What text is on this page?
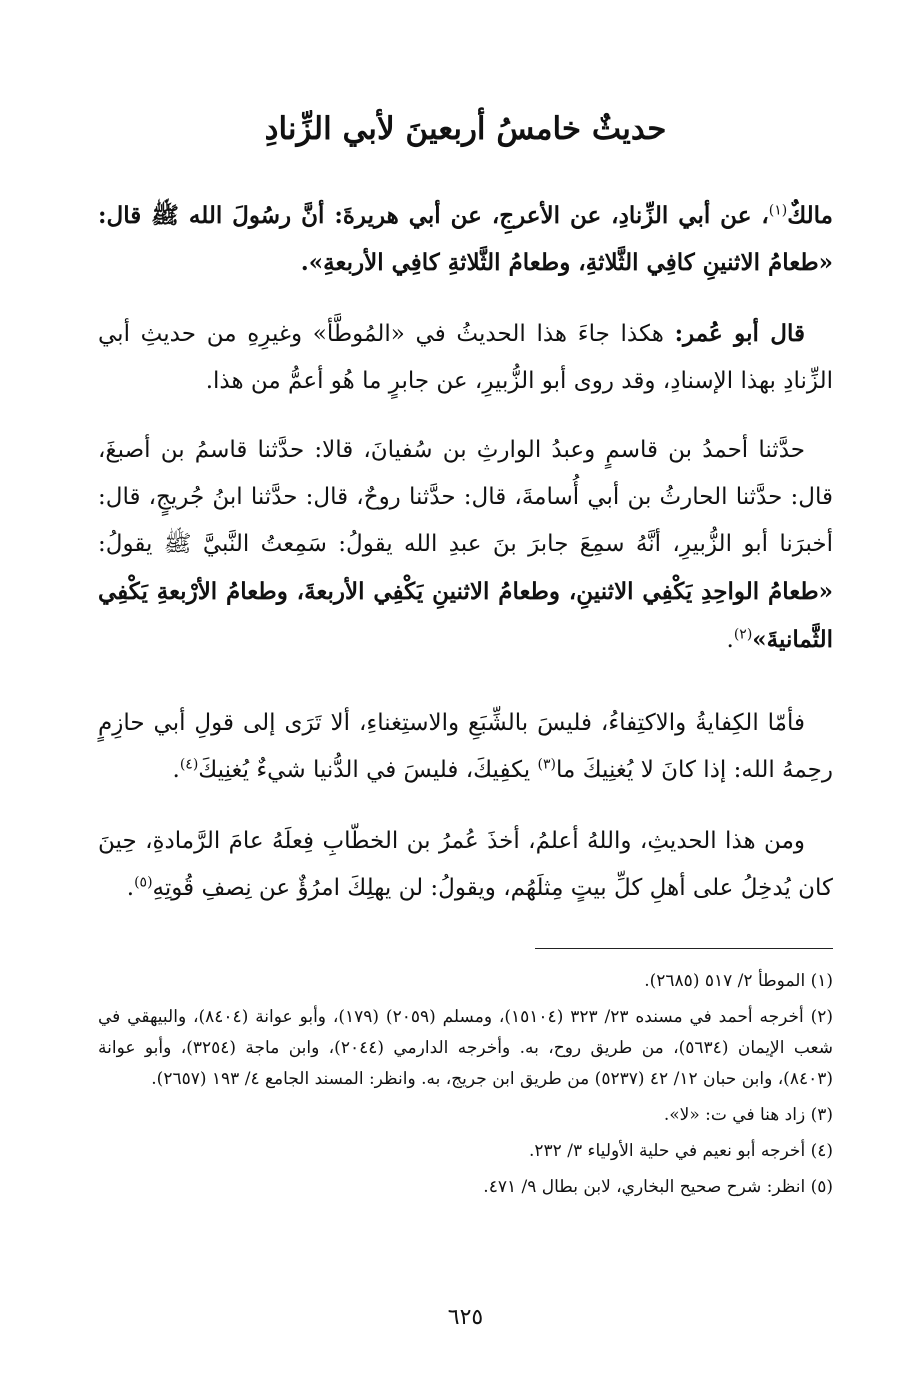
حديثٌ خامسُ أربعينَ لأبي الزِّنادِ

مالكٌ$^{(١)}$، عن أبي الزِّنادِ، عن الأعرجِ، عن أبي هريرةَ: أنَّ رسُولَ الله ﷺ قال: «طعامُ الاثنينِ كافِي الثَّلاثةِ، وطعامُ الثَّلاثةِ كافِي الأربعةِ».

قال أبو عُمر: هكذا جاءَ هذا الحديثُ في «المُوطَّأ» وغيرِهِ من حديثِ أبي الزِّنادِ بهذا الإسنادِ، وقد روى أبو الزُّبيرِ، عن جابرٍ ما هُو أعمُّ من هذا.

حدَّثنا أحمدُ بن قاسمٍ وعبدُ الوارثِ بن سُفيانَ، قالا: حدَّثنا قاسمُ بن أصبغَ، قال: حدَّثنا الحارثُ بن أبي أُسامةَ، قال: حدَّثنا روحٌ، قال: حدَّثنا ابنُ جُريجٍ، قال: أخبرَنا أبو الزُّبيرِ، أنَّهُ سمِعَ جابرَ بنَ عبدِ الله يقولُ: سَمِعتُ النَّبيَّ ﷺ يقولُ: «طعامُ الواحِدِ يَكْفِي الاثنينِ، وطعامُ الاثنينِ يَكْفِي الأربعةَ، وطعامُ الأرْبعةِ يَكْفِي الثَّمانيةَ»$^{(٢)}$.

فأمّا الكِفايةُ والاكتِفاءُ، فليسَ بالشِّبَعِ والاستِغناءِ، ألا تَرَى إلى قولِ أبي حازِمٍ رحِمهُ الله: إذا كانَ لا يُغنِيكَ ما$^{(٣)}$ يكفِيكَ، فليسَ في الدُّنيا شيءٌ يُغنِيكَ$^{(٤)}$.

ومن هذا الحديثِ، واللهُ أعلمُ، أخذَ عُمرُ بن الخطّابِ فِعلَهُ عامَ الرَّمادةِ، حِينَ كان يُدخِلُ على أهلِ كلِّ بيتٍ مِثلَهُم، ويقولُ: لن يهلِكَ امرُؤٌ عن نِصفِ قُوتِهِ$^{(٥)}$.

(١) الموطأ ٢/ ٥١٧ (٢٦٨٥).
(٢) أخرجه أحمد في مسنده ٢٣/ ٣٢٣ (١٥١٠٤)، ومسلم (٢٠٥٩) (١٧٩)، وأبو عوانة (٨٤٠٤)، والبيهقي في شعب الإيمان (٥٦٣٤)، من طريق روح، به. وأخرجه الدارمي (٢٠٤٤)، وابن ماجة (٣٢٥٤)، وأبو عوانة (٨٤٠٣)، وابن حبان ١٢/ ٤٢ (٥٢٣٧) من طريق ابن جريج، به. وانظر: المسند الجامع ٤/ ١٩٣ (٢٦٥٧).
(٣) زاد هنا في ت: «لا».
(٤) أخرجه أبو نعيم في حلية الأولياء ٣/ ٢٣٢.
(٥) انظر: شرح صحيح البخاري، لابن بطال ٩/ ٤٧١.
٦٢٥
